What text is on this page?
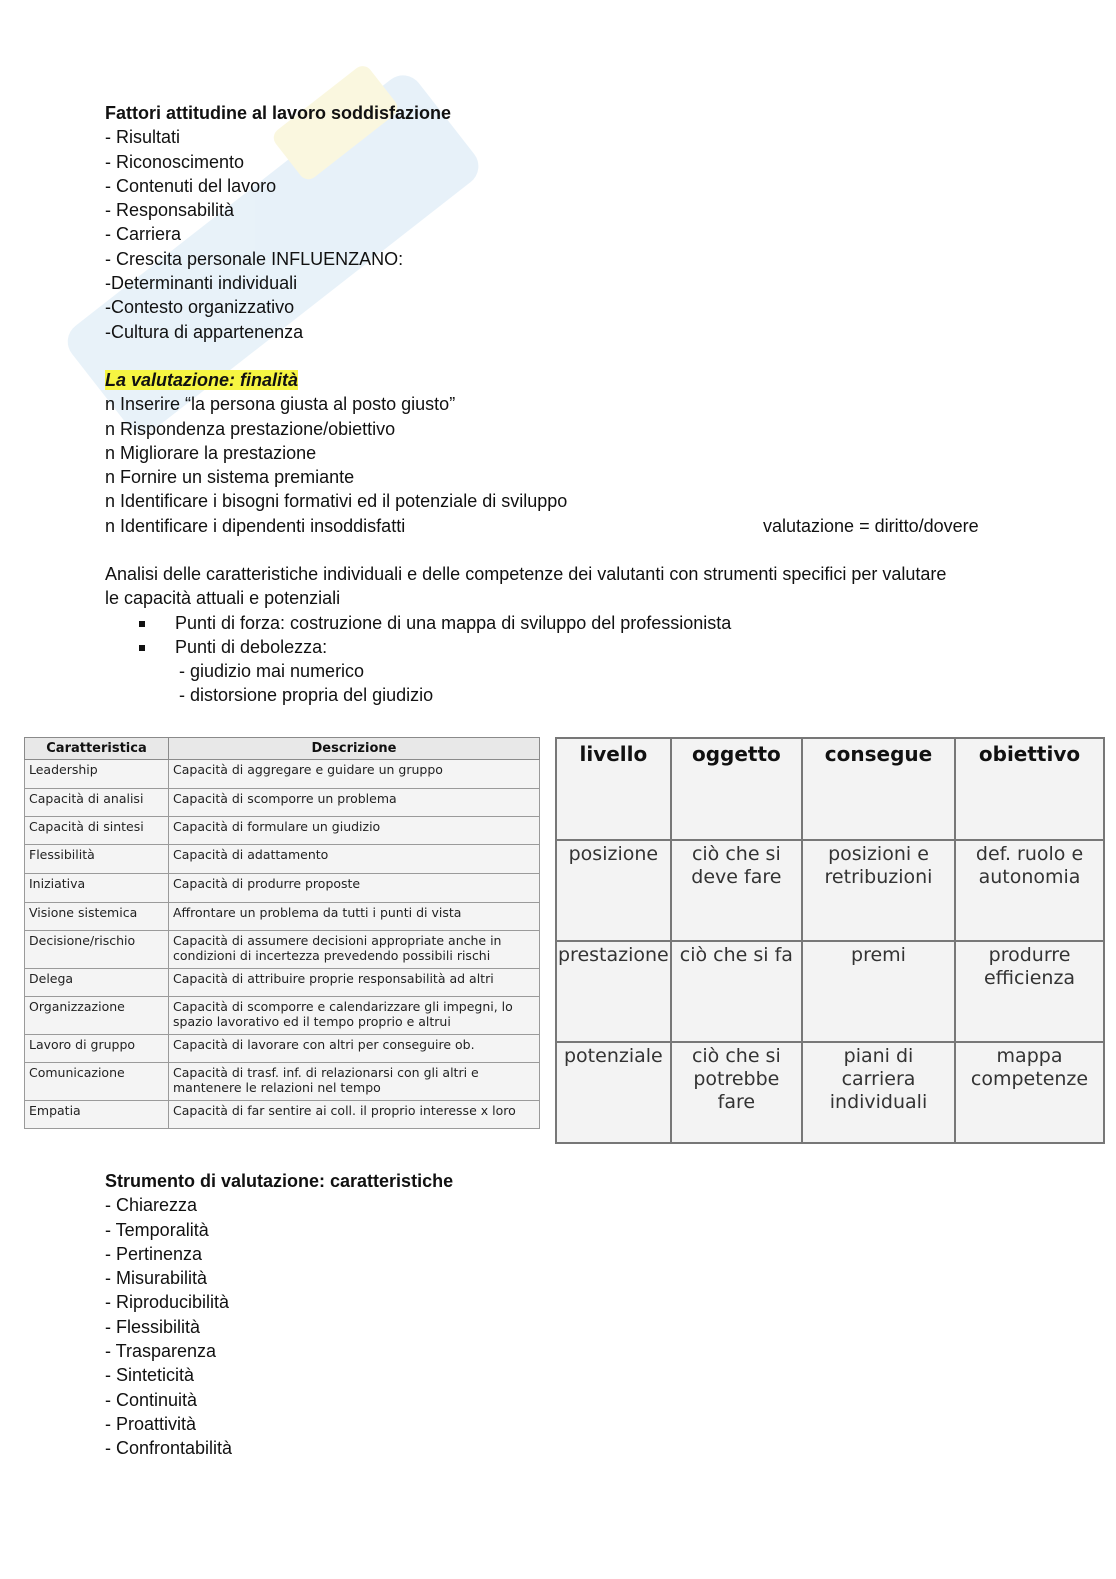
Fattori attitudine al lavoro soddisfazione
- Risultati
- Riconoscimento
- Contenuti del lavoro
- Responsabilità
- Carriera
- Crescita personale INFLUENZANO:
-Determinanti individuali
-Contesto organizzativo
-Cultura di appartenenza
La valutazione: finalità
n Inserire “la persona giusta al posto giusto”
n Rispondenza prestazione/obiettivo
n Migliorare la prestazione
n Fornire un sistema premiante
n Identificare i bisogni formativi ed il potenziale di sviluppo
n Identificare i dipendenti insoddisfatti	valutazione = diritto/dovere
Analisi delle caratteristiche individuali e delle competenze dei valutanti con strumenti specifici per valutare
le capacità attuali e potenziali

Punti di forza: costruzione di una mappa di sviluppo del professionista

Punti di debolezza:

- giudizio mai numerico
- distorsione propria del giudizio
Caratteristica	Descrizione
Leadership	Capacità di aggregare e guidare un gruppo
Capacità di analisi	Capacità di scomporre un problema
Capacità di sintesi	Capacità di formulare un giudizio
Flessibilità	Capacità di adattamento
Iniziativa	Capacità di produrre proposte
Visione sistemica	Affrontare un problema da tutti i punti di vista
Decisione/rischio	Capacità di assumere decisioni appropriate anche in condizioni di incertezza prevedendo possibili rischi
Delega	Capacità di attribuire proprie responsabilità ad altri
Organizzazione	Capacità di scomporre e calendarizzare gli impegni, lo spazio lavorativo ed il tempo proprio e altrui
Lavoro di gruppo	Capacità di lavorare con altri per conseguire ob.
Comunicazione	Capacità di trasf. inf. di relazionarsi con gli altri e mantenere le relazioni nel tempo
Empatia	Capacità di far sentire ai coll. il proprio interesse x loro
livello	oggetto	consegue	obiettivo
posizione	ciò che si deve fare	posizioni e retribuzioni	def. ruolo e autonomia
prestazione	ciò che si fa	premi	produrre efficienza
potenziale	ciò che si potrebbe fare	piani di carriera individuali	mappa competenze
Strumento di valutazione: caratteristiche
- Chiarezza
- Temporalità
- Pertinenza
- Misurabilità
- Riproducibilità
- Flessibilità
- Trasparenza
- Sinteticità
- Continuità
- Proattività
- Confrontabilità
